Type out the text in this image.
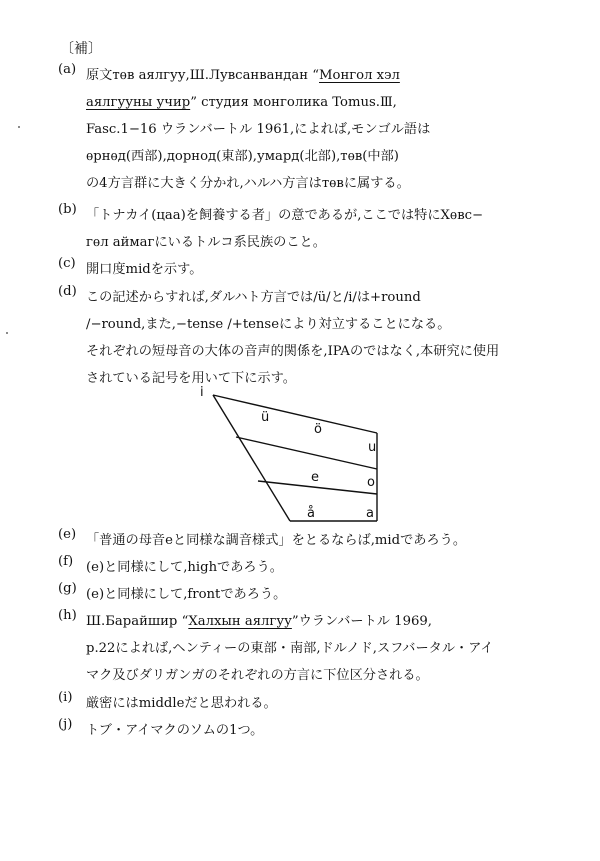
〔補〕
(a) 原文тѳв аялгуу,Ш.Лувсанвандан “Монгол хэл
аялгууны учир” студия монголика Tomus.Ⅲ,
Fasc.1−16 ウランバートル 1961,によれば,モンゴル語は
ѳрнѳд(西部),дорнод(東部),умард(北部),тѳв(中部)
の4方言群に大きく分かれ,ハルハ方言はтѳвに属する。
(b) 「トナカイ(цаа)を飼養する者」の意であるが,ここでは特にХѳвс−
гѳл аймагにいるトルコ系民族のこと。
(c) 開口度midを示す。
(d) この記述からすれば,ダルハト方言では/ü/と/i/は+round
/−round,また,−tense /+tenseにより対立することになる。
それぞれの短母音の大体の音声的関係を,IPAのではなく,本研究に使用
されている記号を用いて下に示す。
i
ü
ö
u
e	o
å	a
(e) 「普通の母音eと同様な調音様式」をとるならば,midであろう。
(f) (e)と同様にして,highであろう。
(g) (e)と同様にして,frontであろう。
(h) Ш.Барайшир “Халхын аялгуу”ウランバートル 1969,
p.22によれば,ヘンティーの東部・南部,ドルノド,スフバータル・アイ
マク及びダリガンガのそれぞれの方言に下位区分される。
(i)	厳密にはmiddleだと思われる。
(j)	トブ・アイマクのソムの1つ。
